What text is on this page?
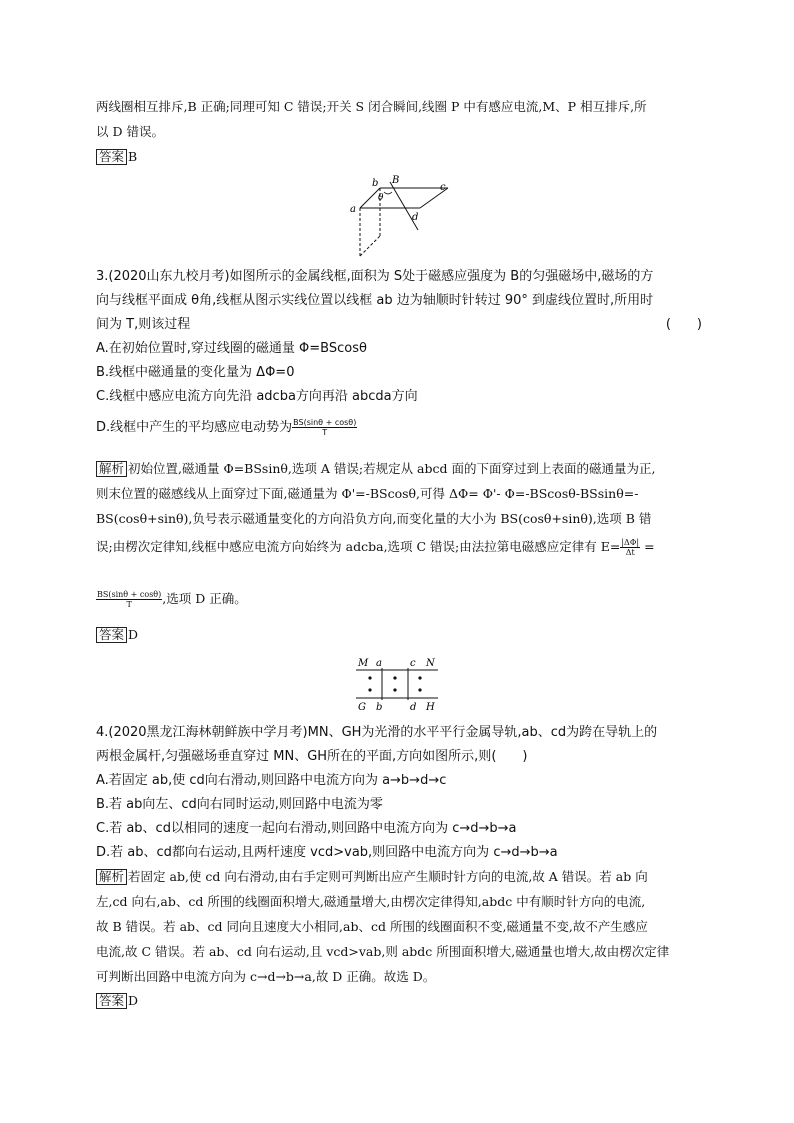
两线圈相互排斥,B 正确;同理可知 C 错误;开关 S 闭合瞬间,线圈 P 中有感应电流,M、P 相互排斥,所
以 D 错误。
答案 B
a
b B
c
d
θ
3.(2020山东九校月考)如图所示的金属线框,面积为 S处于磁感应强度为 B的匀强磁场中,磁场的方
向与线框平面成 θ角,线框从图示实线位置以线框 ab 边为轴顺时针转过 90° 到虚线位置时,所用时
间为 T,则该过程	(　　)
A.在初始位置时,穿过线圈的磁通量 Φ=BScosθ
B.线框中磁通量的变化量为 ΔΦ=0
C.线框中感应电流方向先沿 adcba方向再沿 abcda方向
D.线框中产生的平均感应电动势为 $\frac{BS(\sin\theta + \cos\theta)}{T}$
解析 初始位置,磁通量 Φ=BSsinθ,选项 A 错误;若规定从 abcd 面的下面穿过到上表面的磁通量为正,
则末位置的磁感线从上面穿过下面,磁通量为 Φ'=-BScosθ,可得 ΔΦ= Φ'- Φ=-BScosθ-BSsinθ=-
BS(cosθ+sinθ),负号表示磁通量变化的方向沿负方向,而变化量的大小为 BS(cosθ+sinθ),选项 B 错
误;由楞次定律知,线框中感应电流方向始终为 adcba,选项 C 错误;由法拉第电磁感应定律有 $E= \frac{|\Delta\Phi|}{\Delta t}$ =
$\frac{BS(\sin\theta + \cos\theta)}{T}$ ,选项 D 正确。
答案 D
M a	c N
G b	d H
4.(2020黑龙江海林朝鲜族中学月考)MN、GH为光滑的水平平行金属导轨,ab、cd为跨在导轨上的
两根金属杆,匀强磁场垂直穿过 MN、GH所在的平面,方向如图所示,则(　　)
A.若固定 ab,使 cd向右滑动,则回路中电流方向为 a→b→d→c
B.若 ab向左、cd向右同时运动,则回路中电流为零
C.若 ab、cd以相同的速度一起向右滑动,则回路中电流方向为 c→d→b→a
D.若 ab、cd都向右运动,且两杆速度 vcd>vab,则回路中电流方向为 c→d→b→a
解析 若固定 ab,使 cd 向右滑动,由右手定则可判断出应产生顺时针方向的电流,故 A 错误。若 ab 向
左,cd 向右,ab、cd 所围的线圈面积增大,磁通量增大,由楞次定律得知,abdc 中有顺时针方向的电流,
故 B 错误。若 ab、cd 同向且速度大小相同,ab、cd 所围的线圈面积不变,磁通量不变,故不产生感应
电流,故 C 错误。若 ab、cd 向右运动,且 vcd>vab,则 abdc 所围面积增大,磁通量也增大,故由楞次定律
可判断出回路中电流方向为 c→d→b→a,故 D 正确。故选 D。
答案 D
